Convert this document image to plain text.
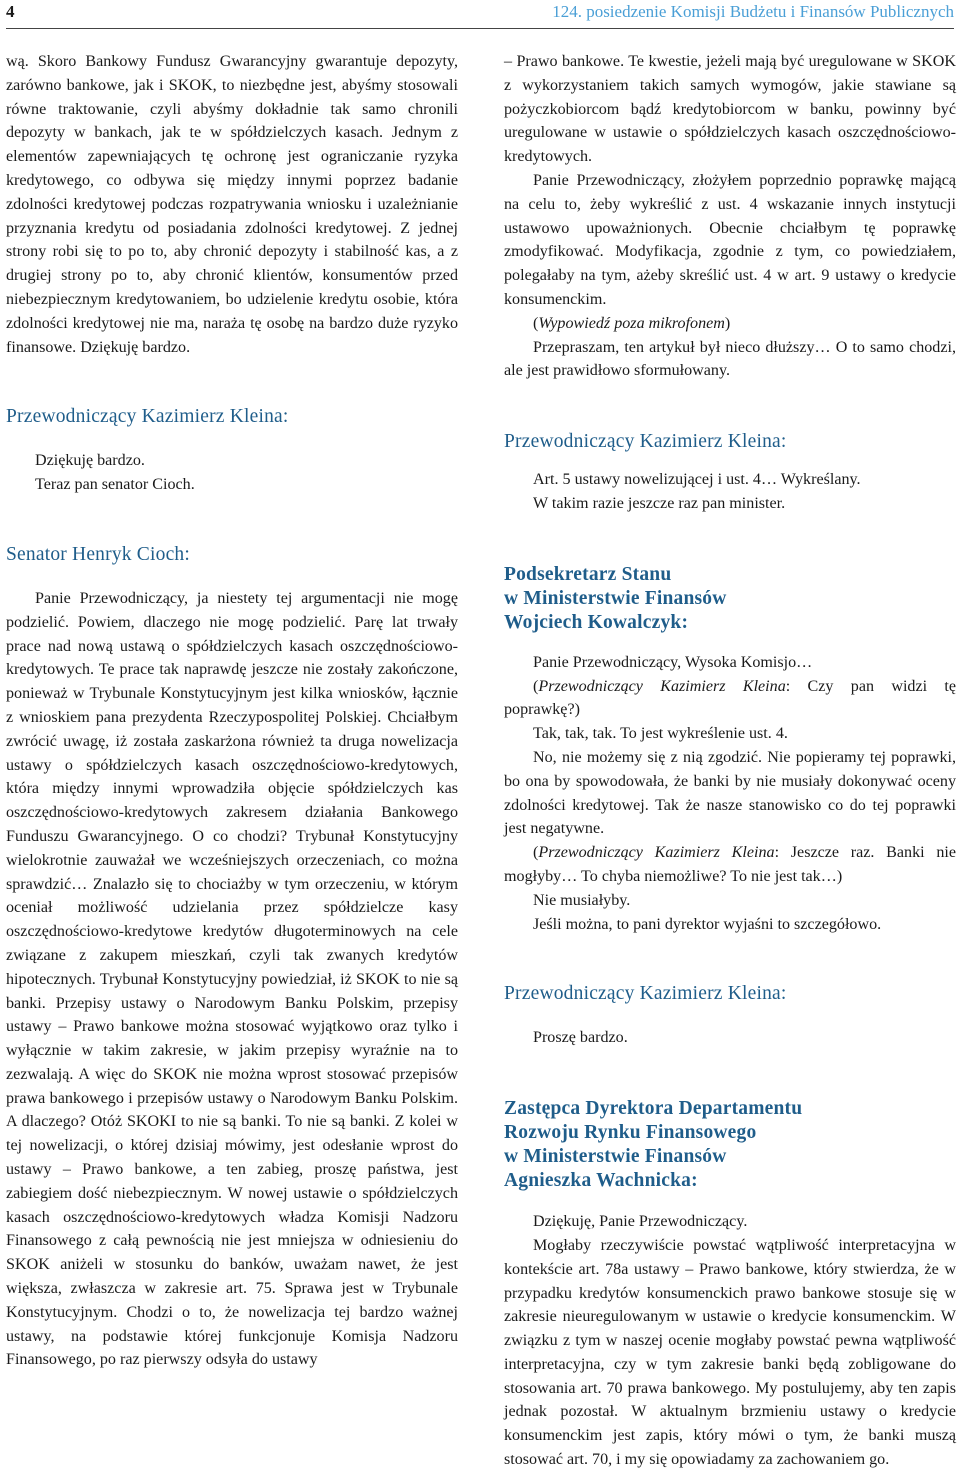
4	124. posiedzenie Komisji Budżetu i Finansów Publicznych

wą. Skoro Bankowy Fundusz Gwarancyjny gwarantuje depozyty, zarówno bankowe, jak i SKOK, to niezbędne jest, abyśmy stosowali równe traktowanie, czyli abyśmy dokładnie tak samo chronili depozyty w bankach, jak te w spółdzielczych kasach. Jednym z elementów zapewniających tę ochronę jest ograniczanie ryzyka kredytowego, co odbywa się między innymi poprzez badanie zdolności kredytowej podczas rozpatrywania wniosku i uzależnianie przyznania kredytu od posiadania zdolności kredytowej. Z jednej strony robi się to po to, aby chronić depozyty i stabilność kas, a z drugiej strony po to, aby chronić klientów, konsumentów przed niebezpiecznym kredytowaniem, bo udzielenie kredytu osobie, która zdolności kredytowej nie ma, naraża tę osobę na bardzo duże ryzyko finansowe. Dziękuję bardzo.

Przewodniczący Kazimierz Kleina:

Dziękuję bardzo.

Teraz pan senator Cioch.

Senator Henryk Cioch:

Panie Przewodniczący, ja niestety tej argumentacji nie mogę podzielić. Powiem, dlaczego nie mogę podzielić. Parę lat trwały prace nad nową ustawą o spółdzielczych kasach oszczędnościowo-kredytowych. Te prace tak naprawdę jeszcze nie zostały zakończone, ponieważ w Trybunale Konstytucyjnym jest kilka wniosków, łącznie z wnioskiem pana prezydenta Rzeczypospolitej Polskiej. Chciałbym zwrócić uwagę, iż została zaskarżona również ta druga nowelizacja ustawy o spółdzielczych kasach oszczędnościowo-kredytowych, która między innymi wprowadziła objęcie spółdzielczych kas oszczędnościowo-kredytowych zakresem działania Bankowego Funduszu Gwarancyjnego. O co chodzi? Trybunał Konstytucyjny wielokrotnie zauważał we wcześniejszych orzeczeniach, co można sprawdzić… Znalazło się to chociażby w tym orzeczeniu, w którym oceniał możliwość udzielania przez spółdzielcze kasy oszczędnościowo-kredytowe kredytów długoterminowych na cele związane z zakupem mieszkań, czyli tak zwanych kredytów hipotecznych. Trybunał Konstytucyjny powiedział, iż SKOK to nie są banki. Przepisy ustawy o Narodowym Banku Polskim, przepisy ustawy – Prawo bankowe można stosować wyjątkowo oraz tylko i wyłącznie w takim zakresie, w jakim przepisy wyraźnie na to zezwalają. A więc do SKOK nie można wprost stosować przepisów prawa bankowego i przepisów ustawy o Narodowym Banku Polskim. A dlaczego? Otóż SKOKI to nie są banki. To nie są banki. Z kolei w tej nowelizacji, o której dzisiaj mówimy, jest odesłanie wprost do ustawy – Prawo bankowe, a ten zabieg, proszę państwa, jest zabiegiem dość niebezpiecznym. W nowej ustawie o spółdzielczych kasach oszczędnościowo-kredytowych władza Komisji Nadzoru Finansowego z całą pewnością nie jest mniejsza w odniesieniu do SKOK aniżeli w stosunku do banków, uważam nawet, że jest większa, zwłaszcza w zakresie art. 75. Sprawa jest w Trybunale Konstytucyjnym. Chodzi o to, że nowelizacja tej bardzo ważnej ustawy, na podstawie której funkcjonuje Komisja Nadzoru Finansowego, po raz pierwszy odsyła do ustawy

– Prawo bankowe. Te kwestie, jeżeli mają być uregulowane w SKOK z wykorzystaniem takich samych wymogów, jakie stawiane są pożyczkobiorcom bądź kredytobiorcom w banku, powinny być uregulowane w ustawie o spółdzielczych kasach oszczędnościowo-kredytowych.

Panie Przewodniczący, złożyłem poprzednio poprawkę mającą na celu to, żeby wykreślić z ust. 4 wskazanie innych instytucji ustawowo upoważnionych. Obecnie chciałbym tę poprawkę zmodyfikować. Modyfikacja, zgodnie z tym, co powiedziałem, polegałaby na tym, ażeby skreślić ust. 4 w art. 9 ustawy o kredycie konsumenckim.

(Wypowiedź poza mikrofonem)

Przepraszam, ten artykuł był nieco dłuższy… O to samo chodzi, ale jest prawidłowo sformułowany.

Przewodniczący Kazimierz Kleina:

Art. 5 ustawy nowelizującej i ust. 4… Wykreślany.

W takim razie jeszcze raz pan minister.

Podsekretarz Stanu
w Ministerstwie Finansów
Wojciech Kowalczyk:

Panie Przewodniczący, Wysoka Komisjo…

(Przewodniczący Kazimierz Kleina: Czy pan widzi tę poprawkę?)

Tak, tak, tak. To jest wykreślenie ust. 4.

No, nie możemy się z nią zgodzić. Nie popieramy tej poprawki, bo ona by spowodowała, że banki by nie musiały dokonywać oceny zdolności kredytowej. Tak że nasze stanowisko co do tej poprawki jest negatywne.

(Przewodniczący Kazimierz Kleina: Jeszcze raz. Banki nie mogłyby… To chyba niemożliwe? To nie jest tak…)

Nie musiałyby.

Jeśli można, to pani dyrektor wyjaśni to szczegółowo.

Przewodniczący Kazimierz Kleina:

Proszę bardzo.

Zastępca Dyrektora Departamentu
Rozwoju Rynku Finansowego
w Ministerstwie Finansów
Agnieszka Wachnicka:

Dziękuję, Panie Przewodniczący.

Mogłaby rzeczywiście powstać wątpliwość interpretacyjna w kontekście art. 78a ustawy – Prawo bankowe, który stwierdza, że w przypadku kredytów konsumenckich prawo bankowe stosuje się w zakresie nieuregulowanym w ustawie o kredycie konsumenckim. W związku z tym w naszej ocenie mogłaby powstać pewna wątpliwość interpretacyjna, czy w tym zakresie banki będą zobligowane do stosowania art. 70 prawa bankowego. My postulujemy, aby ten zapis jednak pozostał. W aktualnym brzmieniu ustawy o kredycie konsumenckim jest zapis, który mówi o tym, że banki muszą stosować art. 70, i my się opowiadamy za zachowaniem go.
